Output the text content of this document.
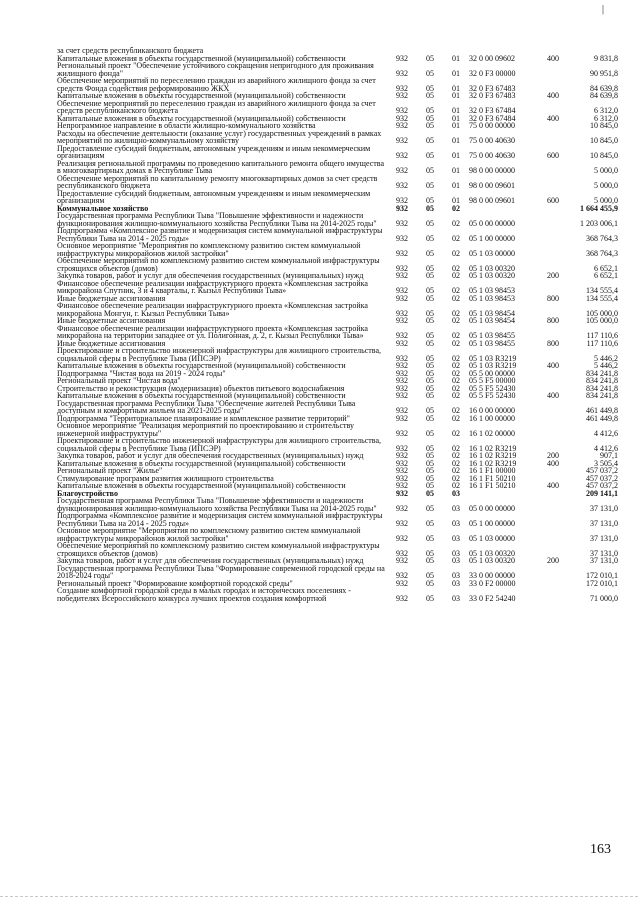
|
за счет средств республиканского бюджета						
Капитальные вложения в объекты государственной (муниципальной) собственности	932	05	01	32 0 00 09602	400	9 831,8
Региональный проект "Обеспечение устойчивого сокращения непригодного для проживания жилищного фонда"	932	05	01	32 0 F3 00000		90 951,8
Обеспечение мероприятий по переселению граждан из аварийного жилищного фонда за счет средств Фонда содействия реформированию ЖКХ	932	05	01	32 0 F3 67483		84 639,8
Капитальные вложения в объекты государственной (муниципальной) собственности	932	05	01	32 0 F3 67483	400	84 639,8
Обеспечение мероприятий по переселению граждан из аварийного жилищного фонда за счет средств республиканского бюджета	932	05	01	32 0 F3 67484		6 312,0
Капитальные вложения в объекты государственной (муниципальной) собственности	932	05	01	32 0 F3 67484	400	6 312,0
Непрограммное направление в области жилищно-коммунального хозяйства	932	05	01	75 0 00 00000		10 845,0
Расходы на обеспечение деятельности (оказание услуг) государственных учреждений в рамках мероприятий по жилищно-коммунальному хозяйству	932	05	01	75 0 00 40630		10 845,0
Предоставление субсидий бюджетным, автономным учреждениям и иным некоммерческим организациям	932	05	01	75 0 00 40630	600	10 845,0
Реализация региональной программы по проведению капитального ремонта общего имущества в многоквартирных домах в Республике Тыва	932	05	01	98 0 00 00000		5 000,0
Обеспечение мероприятий по капитальному ремонту многоквартирных домов за счет средств республиканского бюджета	932	05	01	98 0 00 09601		5 000,0
Предоставление субсидий бюджетным, автономным учреждениям и иным некоммерческим организациям	932	05	01	98 0 00 09601	600	5 000,0
Коммунальное хозяйство	932	05	02			1 664 455,9
Государственная программа Республики Тыва "Повышение эффективности и надежности функционирования жилищно-коммунального хозяйства Республики Тыва на 2014-2025 годы"	932	05	02	05 0 00 00000		1 203 006,1
Подпрограмма «Комплексное развитие и модернизация систем коммунальной инфраструктуры Республики Тыва на 2014 - 2025 годы»	932	05	02	05 1 00 00000		368 764,3
Основное мероприятие "Мероприятия по комплексному развитию систем коммунальной инфраструктуры микрорайонов жилой застройки"	932	05	02	05 1 03 00000		368 764,3
Обеспечение мероприятий по комплексному развитию систем коммунальной инфраструктуры строящихся объектов (домов)	932	05	02	05 1 03 00320		6 652,1
Закупка товаров, работ и услуг для обеспечения государственных (муниципальных) нужд	932	05	02	05 1 03 00320	200	6 652,1
Финансовое обеспечение реализации инфраструктурного проекта «Комплексная застройка микрорайона Спутник, 3 и 4 кварталы, г. Кызыл Республики Тыва»	932	05	02	05 1 03 98453		134 555,4
Иные бюджетные ассигнования	932	05	02	05 1 03 98453	800	134 555,4
Финансовое обеспечение реализации инфраструктурного проекта «Комплексная застройка микрорайона Монгун, г. Кызыл Республики Тыва»	932	05	02	05 1 03 98454		105 000,0
Иные бюджетные ассигнования	932	05	02	05 1 03 98454	800	105 000,0
Финансовое обеспечение реализации инфраструктурного проекта «Комплексная застройка микрорайона на территории западнее от ул. Полигонная, д. 2, г. Кызыл Республики Тыва»	932	05	02	05 1 03 98455		117 110,6
Иные бюджетные ассигнования	932	05	02	05 1 03 98455	800	117 110,6
Проектирование и строительство инженерной инфраструктуры для жилищного строительства, социальной сферы в Республике Тыва (ИПСЭР)	932	05	02	05 1 03 R3219		5 446,2
Капитальные вложения в объекты государственной (муниципальной) собственности	932	05	02	05 1 03 R3219	400	5 446,2
Подпрограмма "Чистая вода на 2019 - 2024 годы"	932	05	02	05 5 00 00000		834 241,8
Региональный проект "Чистая вода"	932	05	02	05 5 F5 00000		834 241,8
Строительство и реконструкция (модернизация) объектов питьевого водоснабжения	932	05	02	05 5 F5 52430		834 241,8
Капитальные вложения в объекты государственной (муниципальной) собственности	932	05	02	05 5 F5 52430	400	834 241,8
Государственная программа Республики Тыва "Обеспечение жителей Республики Тыва доступным и комфортным жильем на 2021-2025 годы"	932	05	02	16 0 00 00000		461 449,8
Подпрограмма "Территориальное планирование и комплексное развитие территорий"	932	05	02	16 1 00 00000		461 449,8
Основное мероприятие "Реализация мероприятий по проектированию и строительству инженерной инфраструктуры"	932	05	02	16 1 02 00000		4 412,6
Проектирование и строительство инженерной инфраструктуры для жилищного строительства, социальной сферы в Республике Тыва (ИПСЭР)	932	05	02	16 1 02 R3219		4 412,6
Закупка товаров, работ и услуг для обеспечения государственных (муниципальных) нужд	932	05	02	16 1 02 R3219	200	907,1
Капитальные вложения в объекты государственной (муниципальной) собственности	932	05	02	16 1 02 R3219	400	3 505,4
Региональный проект "Жилье"	932	05	02	16 1 F1 00000		457 037,2
Стимулирование программ развития жилищного строительства	932	05	02	16 1 F1 50210		457 037,2
Капитальные вложения в объекты государственной (муниципальной) собственности	932	05	02	16 1 F1 50210	400	457 037,2
Благоустройство	932	05	03			209 141,1
Государственная программа Республики Тыва "Повышение эффективности и надежности функционирования жилищно-коммунального хозяйства Республики Тыва на 2014-2025 годы"	932	05	03	05 0 00 00000		37 131,0
Подпрограмма «Комплексное развитие и модернизация систем коммунальной инфраструктуры Республики Тыва на 2014 - 2025 годы»	932	05	03	05 1 00 00000		37 131,0
Основное мероприятие "Мероприятия по комплексному развитию систем коммунальной инфраструктуры микрорайонов жилой застройки"	932	05	03	05 1 03 00000		37 131,0
Обеспечение мероприятий по комплексному развитию систем коммунальной инфраструктуры строящихся объектов (домов)	932	05	03	05 1 03 00320		37 131,0
Закупка товаров, работ и услуг для обеспечения государственных (муниципальных) нужд	932	05	03	05 1 03 00320	200	37 131,0
Государственная программа Республики Тыва "Формирование современной городской среды на 2018-2024 годы"	932	05	03	33 0 00 00000		172 010,1
Региональный проект "Формирование комфортной городской среды"	932	05	03	33 0 F2 00000		172 010,1
Создание комфортной городской среды в малых городах и исторических поселениях - победителях Всероссийского конкурса лучших проектов создания комфортной	932	05	03	33 0 F2 54240		71 000,0
163
